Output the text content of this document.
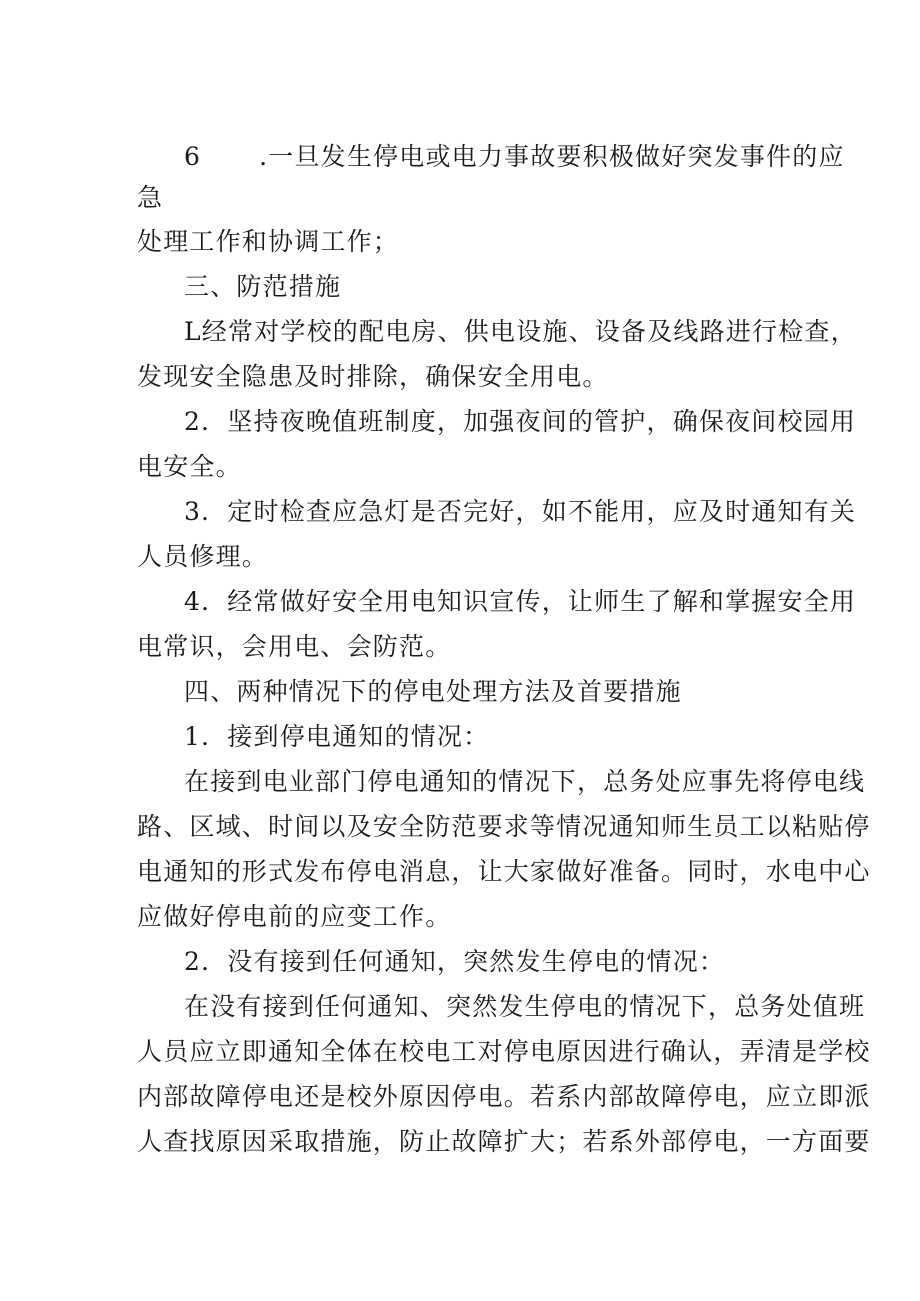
6 .一旦发生停电或电力事故要积极做好突发事件的应
急
处理工作和协调工作；
三、防范措施
L经常对学校的配电房、供电设施、设备及线路进行检查，
发现安全隐患及时排除，确保安全用电。
2．坚持夜晚值班制度，加强夜间的管护，确保夜间校园用
电安全。
3．定时检查应急灯是否完好，如不能用，应及时通知有关
人员修理。
4．经常做好安全用电知识宣传，让师生了解和掌握安全用
电常识，会用电、会防范。
四、两种情况下的停电处理方法及首要措施
1．接到停电通知的情况：
在接到电业部门停电通知的情况下，总务处应事先将停电线
路、区域、时间以及安全防范要求等情况通知师生员工以粘贴停
电通知的形式发布停电消息，让大家做好准备。同时，水电中心
应做好停电前的应变工作。
2．没有接到任何通知，突然发生停电的情况：
在没有接到任何通知、突然发生停电的情况下，总务处值班
人员应立即通知全体在校电工对停电原因进行确认，弄清是学校
内部故障停电还是校外原因停电。若系内部故障停电，应立即派
人查找原因采取措施，防止故障扩大；若系外部停电，一方面要
